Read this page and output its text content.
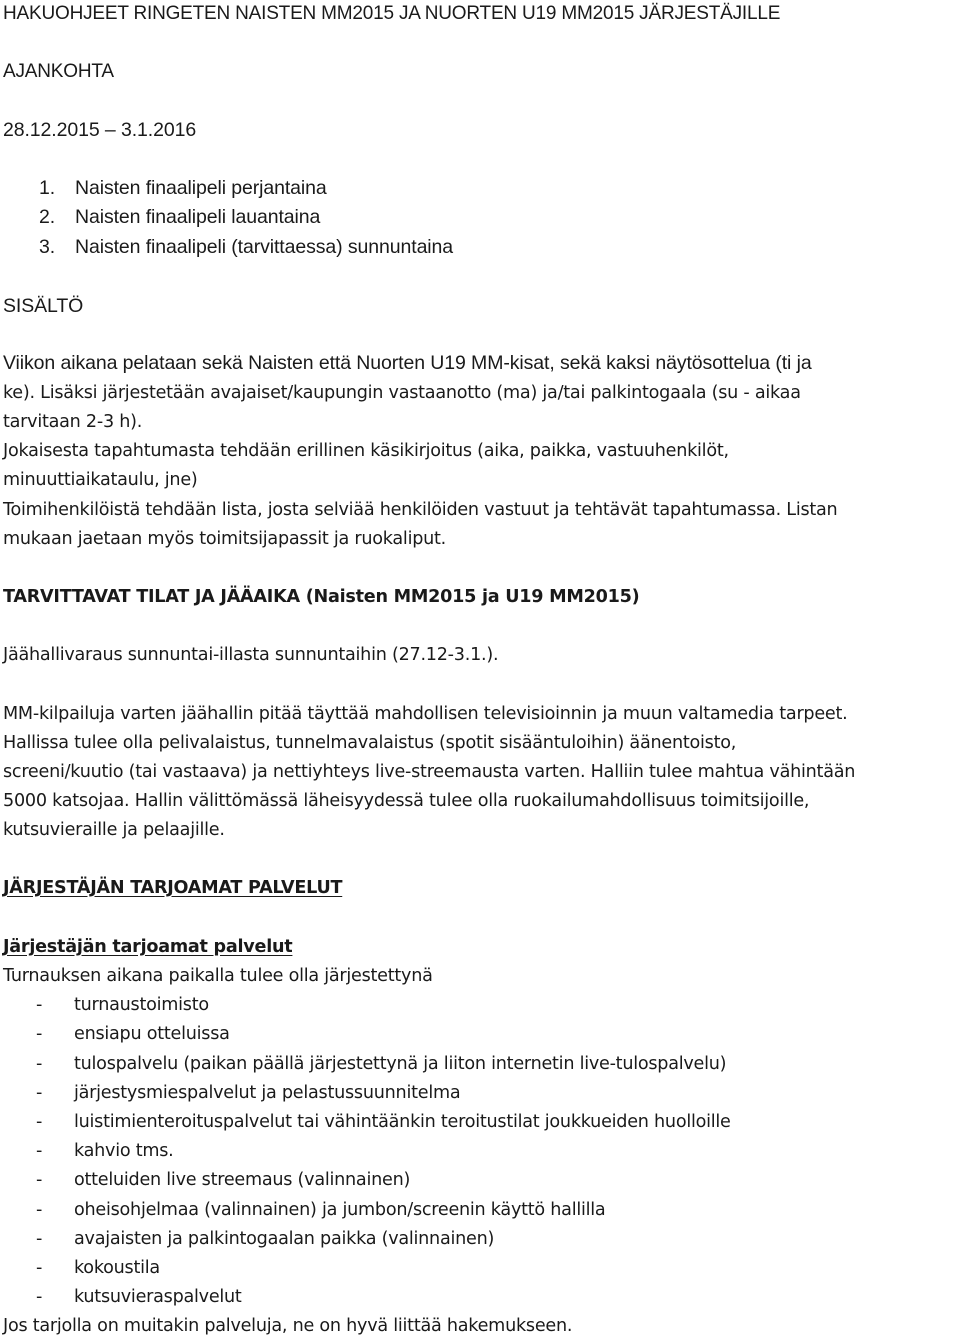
HAKUOHJEET RINGETEN NAISTEN MM2015 JA NUORTEN U19 MM2015 JÄRJESTÄJILLE

AJANKOHTA

28.12.2015 – 3.1.2016

1. Naisten finaalipeli perjantaina

2. Naisten finaalipeli lauantaina

3. Naisten finaalipeli (tarvittaessa) sunnuntaina

SISÄLTÖ

Viikon aikana pelataan sekä Naisten että Nuorten U19 MM-kisat, sekä kaksi näytösottelua (ti ja

ke). Lisäksi järjestetään avajaiset/kaupungin vastaanotto (ma) ja/tai palkintogaala (su - aikaa

tarvitaan 2-3 h).

Jokaisesta tapahtumasta tehdään erillinen käsikirjoitus (aika, paikka, vastuuhenkilöt,

minuuttiaikataulu, jne)

Toimihenkilöistä tehdään lista, josta selviää henkilöiden vastuut ja tehtävät tapahtumassa. Listan

mukaan jaetaan myös toimitsijapassit ja ruokaliput.

TARVITTAVAT TILAT JA JÄÄAIKA (Naisten MM2015 ja U19 MM2015)

Jäähallivaraus sunnuntai-illasta sunnuntaihin (27.12-3.1.).

MM-kilpailuja varten jäähallin pitää täyttää mahdollisen televisioinnin ja muun valtamedia tarpeet.

Hallissa tulee olla pelivalaistus, tunnelmavalaistus (spotit sisääntuloihin) äänentoisto,

screeni/kuutio (tai vastaava) ja nettiyhteys live-streemausta varten. Halliin tulee mahtua vähintään

5000 katsojaa. Hallin välittömässä läheisyydessä tulee olla ruokailumahdollisuus toimitsijoille,

kutsuvieraille ja pelaajille.

JÄRJESTÄJÄN TARJOAMAT PALVELUT

Järjestäjän tarjoamat palvelut

Turnauksen aikana paikalla tulee olla järjestettynä

- turnaustoimisto
- ensiapu otteluissa
- tulospalvelu (paikan päällä järjestettynä ja liiton internetin live-tulospalvelu)
- järjestysmiespalvelut ja pelastussuunnitelma
- luistimienteroituspalvelut tai vähintäänkin teroitustilat joukkueiden huolloille
- kahvio tms.
- otteluiden live streemaus (valinnainen)
- oheisohjelmaa (valinnainen) ja jumbon/screenin käyttö hallilla
- avajaisten ja palkintogaalan paikka (valinnainen)
- kokoustila
- kutsuvieraspalvelut

Jos tarjolla on muitakin palveluja, ne on hyvä liittää hakemukseen.
